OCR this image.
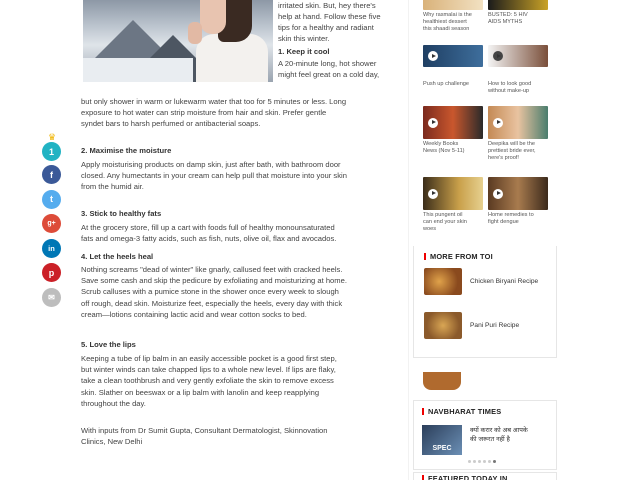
irritated skin. But, hey there's
help at hand. Follow these five
tips for a healthy and radiant
skin this winter.
1. Keep it cool
A 20-minute long, hot shower
might feel great on a cold day,
but only shower in warm or lukewarm water that too for 5 minutes or less. Long
exposure to hot water can strip moisture from hair and skin. Prefer gentle
syndet bars to harsh perfumed or antibacterial soaps.
2. Maximise the moisture
Apply moisturising products on damp skin, just after bath, with bathroom door
closed. Any humectants in your cream can help pull that moisture into your skin
from the humid air.
3. Stick to healthy fats
At the grocery store, fill up a cart with foods full of healthy monounsaturated
fats and omega-3 fatty acids, such as fish, nuts, olive oil, flax and avocados.
4. Let the heels heal
Nothing screams "dead of winter" like gnarly, callused feet with cracked heels.
Save some cash and skip the pedicure by exfoliating and moisturizing at home.
Scrub calluses with a pumice stone in the shower once every week to slough
off rough, dead skin. Moisturize feet, especially the heels, every day with thick
cream—lotions containing lactic acid and wear cotton socks to bed.
5. Love the lips
Keeping a tube of lip balm in an easily accessible pocket is a good first step,
but winter winds can take chapped lips to a whole new level. If lips are flaky,
take a clean toothbrush and very gently exfoliate the skin to remove excess
skin. Slather on beeswax or a lip balm with lanolin and keep reapplying
throughout the day.
With inputs from Dr Sumit Gupta, Consultant Dermatologist, Skinnovation
Clinics, New Delhi
♛
1
f
t
g+
in
p
✉
Why rasmalai is the
healthiest dessert
this shaadi season
BUSTED: 5 HIV
AIDS MYTHS
Push up challenge	How to look good
without make-up
Weekly Books
News (Nov 5-11)
Deepika will be the
prettiest bride ever,
here's proof!
This pungent oil
can end your skin
woes
Home remedies to
fight dengue
MORE FROM TOI
Chicken Biryani Recipe
Pani Puri Recipe
NAVBHARAT TIMES
SPEC
क्यों करार को अब आपके
की जरूरत नहीं है
FEATURED TODAY IN
